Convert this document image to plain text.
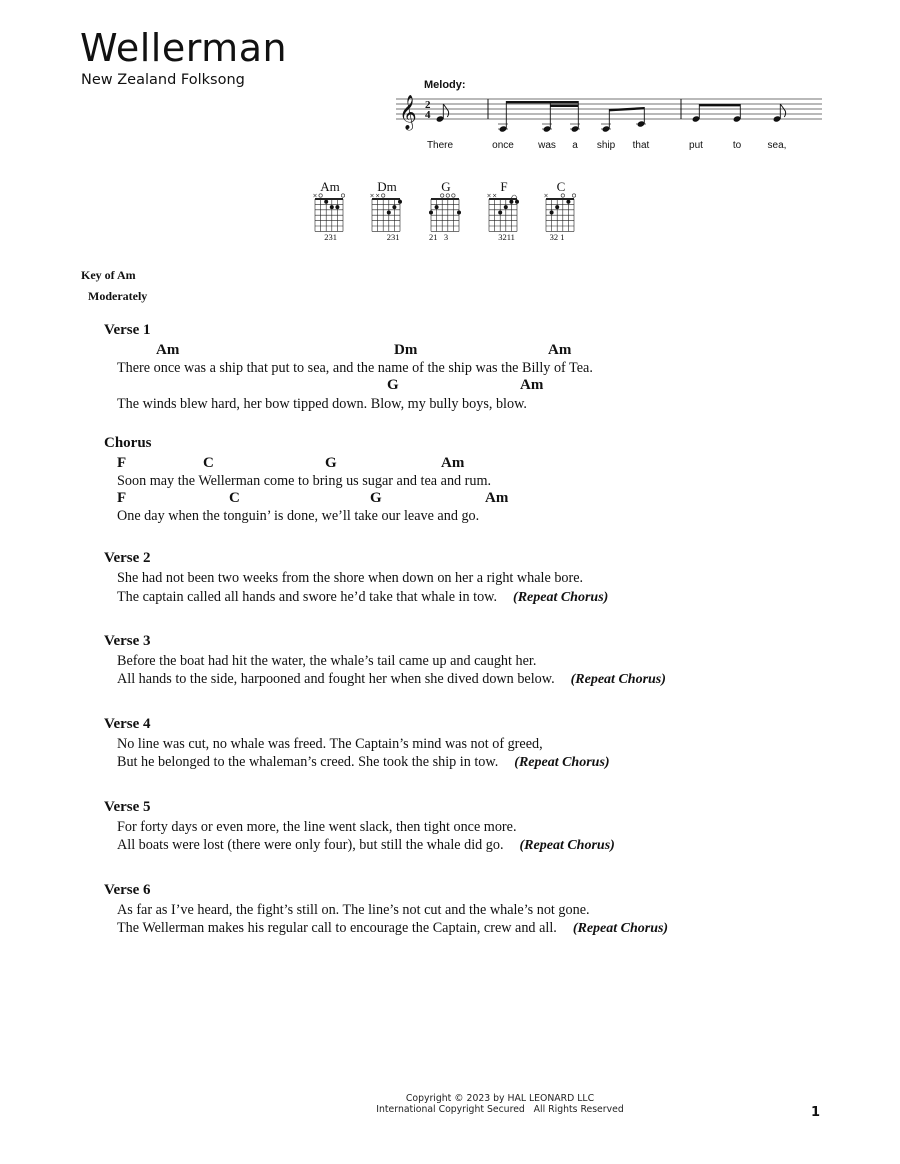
Wellerman
New Zealand Folksong	Melody:
𝄞 2
4
There	once was a ship that	put	to	sea,
Am
×
231
Dm
× ×
231
G
21   3
F
× ×
3211
C
×
32 1
Key of Am
Moderately
Verse 1
Am	Dm	Am
There once was a ship that put to sea, and the name of the ship was the Billy of Tea.
G	Am
The winds blew hard, her bow tipped down. Blow, my bully boys, blow.
Chorus
F	C	G	Am
Soon may the Wellerman come to bring us sugar and tea and rum.
F	C	G	Am
One day when the tonguin’ is done, we’ll take our leave and go.
Verse 2
She had not been two weeks from the shore when down on her a right whale bore.
The captain called all hands and swore he’d take that whale in tow. (Repeat Chorus)
Verse 3
Before the boat had hit the water, the whale’s tail came up and caught her.
All hands to the side, harpooned and fought her when she dived down below. (Repeat Chorus)
Verse 4
No line was cut, no whale was freed. The Captain’s mind was not of greed,
But he belonged to the whaleman’s creed. She took the ship in tow. (Repeat Chorus)
Verse 5
For forty days or even more, the line went slack, then tight once more.
All boats were lost (there were only four), but still the whale did go. (Repeat Chorus)
Verse 6
As far as I’ve heard, the fight’s still on. The line’s not cut and the whale’s not gone.
The Wellerman makes his regular call to encourage the Captain, crew and all. (Repeat Chorus)
Copyright © 2023 by HAL LEONARD LLC
International Copyright Secured   All Rights Reserved	1
